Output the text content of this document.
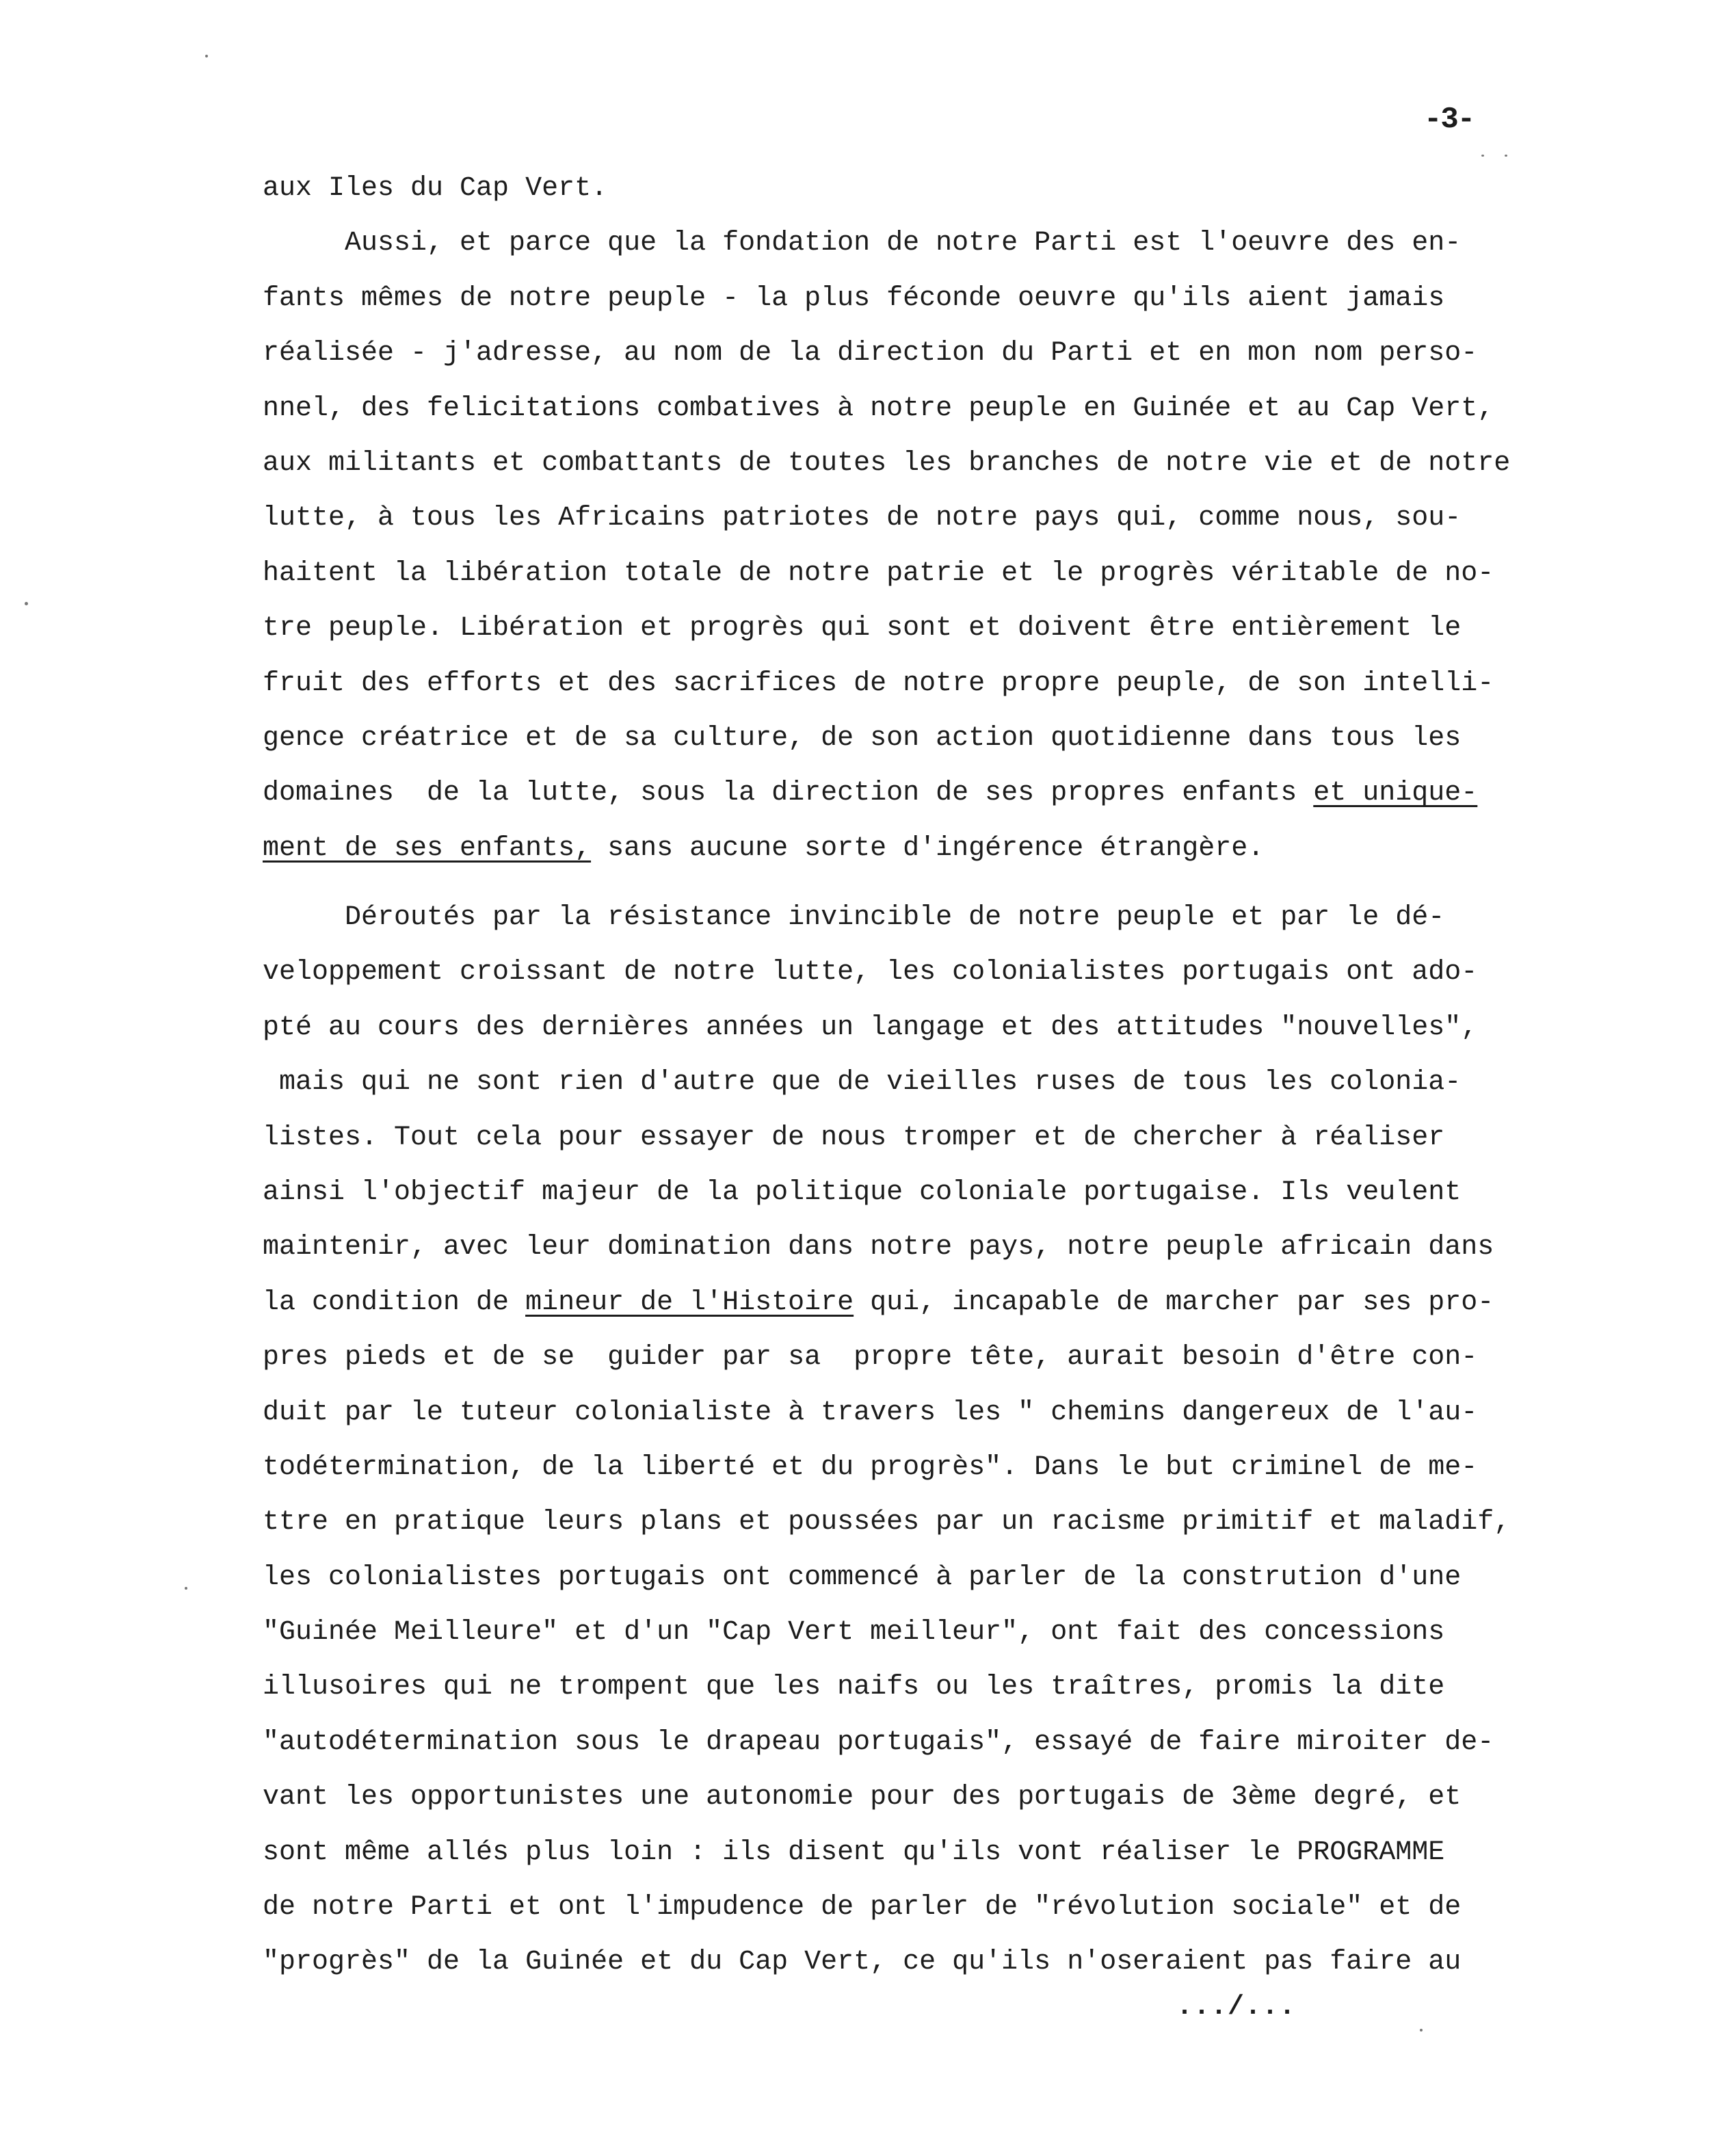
-3-
aux Iles du Cap Vert.
Aussi, et parce que la fondation de notre Parti est l'oeuvre des en-
fants mêmes de notre peuple - la plus féconde oeuvre qu'ils aient jamais
réalisée - j'adresse, au nom de la direction du Parti et en mon nom perso-
nnel, des felicitations combatives à notre peuple en Guinée et au Cap Vert,
aux militants et combattants de toutes les branches de notre vie et de notre
lutte, à tous les Africains patriotes de notre pays qui, comme nous, sou-
haitent la libération totale de notre patrie et le progrès véritable de no-
tre peuple. Libération et progrès qui sont et doivent être entièrement le
fruit des efforts et des sacrifices de notre propre peuple, de son intelli-
gence créatrice et de sa culture, de son action quotidienne dans tous les
domaines  de la lutte, sous la direction de ses propres enfants et unique-
ment de ses enfants, sans aucune sorte d'ingérence étrangère.
Déroutés par la résistance invincible de notre peuple et par le dé-
veloppement croissant de notre lutte, les colonialistes portugais ont ado-
pté au cours des dernières années un langage et des attitudes "nouvelles",
mais qui ne sont rien d'autre que de vieilles ruses de tous les colonia-
listes. Tout cela pour essayer de nous tromper et de chercher à réaliser
ainsi l'objectif majeur de la politique coloniale portugaise. Ils veulent
maintenir, avec leur domination dans notre pays, notre peuple africain dans
la condition de mineur de l'Histoire qui, incapable de marcher par ses pro-
pres pieds et de se  guider par sa  propre tête, aurait besoin d'être con-
duit par le tuteur colonialiste à travers les " chemins dangereux de l'au-
todétermination, de la liberté et du progrès". Dans le but criminel de me-
ttre en pratique leurs plans et poussées par un racisme primitif et maladif,
les colonialistes portugais ont commencé à parler de la constrution d'une
"Guinée Meilleure" et d'un "Cap Vert meilleur", ont fait des concessions
illusoires qui ne trompent que les naifs ou les traîtres, promis la dite
"autodétermination sous le drapeau portugais", essayé de faire miroiter de-
vant les opportunistes une autonomie pour des portugais de 3ème degré, et
sont même allés plus loin : ils disent qu'ils vont réaliser le PROGRAMME
de notre Parti et ont l'impudence de parler de "révolution sociale" et de
"progrès" de la Guinée et du Cap Vert, ce qu'ils n'oseraient pas faire au
.../...
